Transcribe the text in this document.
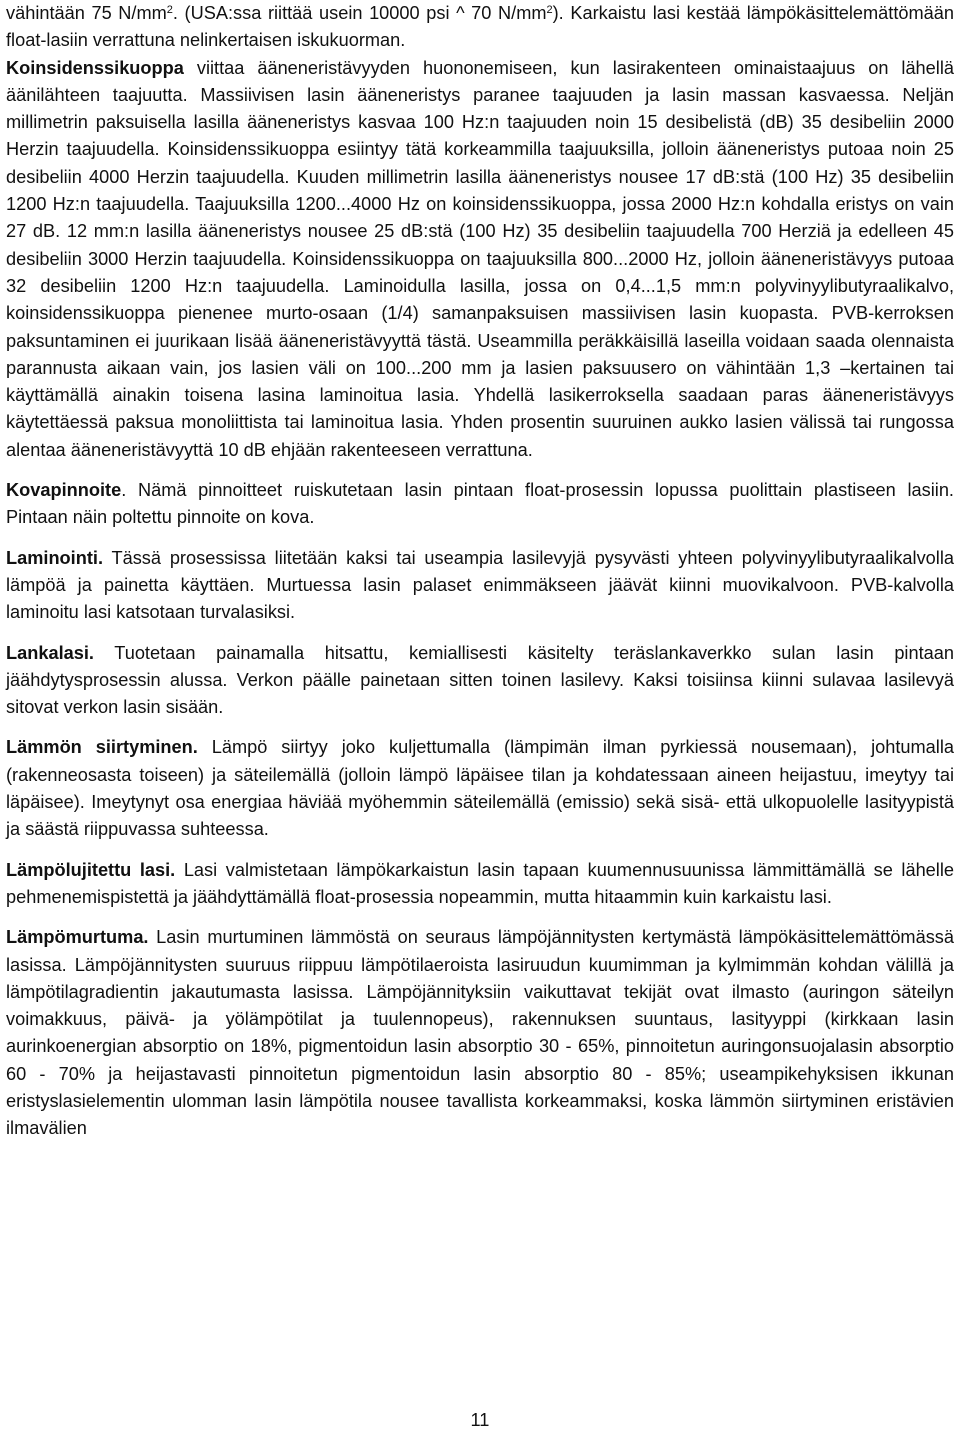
vähintään 75 $N/mm^2$. (USA:ssa riittää usein 10000 psi ^ 70 $N/mm^2$). Karkaistu lasi kestää lämpökäsittelemättömään float-lasiin verrattuna nelinkertaisen iskukuorman.

Koinsidenssikuoppa viittaa ääneneristävyyden huononemiseen, kun lasirakenteen ominaistaajuus on lähellä äänilähteen taajuutta. Massiivisen lasin ääneneristys paranee taajuuden ja lasin massan kasvaessa. Neljän millimetrin paksuisella lasilla ääneneristys kasvaa 100 Hz:n taajuuden noin 15 desibelistä (dB) 35 desibeliin 2000 Herzin taajuudella. Koinsidenssikuoppa esiintyy tätä korkeammilla taajuuksilla, jolloin ääneneristys putoaa noin 25 desibeliin 4000 Herzin taajuudella. Kuuden millimetrin lasilla ääneneristys nousee 17 dB:stä (100 Hz) 35 desibeliin 1200 Hz:n taajuudella. Taajuuksilla 1200...4000 Hz on koinsidenssikuoppa, jossa 2000 Hz:n kohdalla eristys on vain 27 dB. 12 mm:n lasilla ääneneristys nousee 25 dB:stä (100 Hz) 35 desibeliin taajuudella 700 Herziä ja edelleen 45 desibeliin 3000 Herzin taajuudella. Koinsidenssikuoppa on taajuuksilla 800...2000 Hz, jolloin ääneneristävyys putoaa 32 desibeliin 1200 Hz:n taajuudella. Laminoidulla lasilla, jossa on 0,4...1,5 mm:n polyvinyylibutyraalikalvo, koinsidenssikuoppa pienenee murto-osaan (1/4) samanpaksuisen massiivisen lasin kuopasta. PVB-kerroksen paksuntaminen ei juurikaan lisää ääneneristävyyttä tästä. Useammilla peräkkäisillä laseilla voidaan saada olennaista parannusta aikaan vain, jos lasien väli on 100...200 mm ja lasien paksuusero on vähintään 1,3 –kertainen tai käyttämällä ainakin toisena lasina laminoitua lasia. Yhdellä lasikerroksella saadaan paras ääneneristävyys käytettäessä paksua monoliittista tai laminoitua lasia. Yhden prosentin suuruinen aukko lasien välissä tai rungossa alentaa ääneneristävyyttä 10 dB ehjään rakenteeseen verrattuna.

Kovapinnoite. Nämä pinnoitteet ruiskutetaan lasin pintaan float-prosessin lopussa puolittain plastiseen lasiin. Pintaan näin poltettu pinnoite on kova.

Laminointi. Tässä prosessissa liitetään kaksi tai useampia lasilevyjä pysyvästi yhteen polyvinyylibutyraalikalvolla lämpöä ja painetta käyttäen. Murtuessa lasin palaset enimmäkseen jäävät kiinni muovikalvoon. PVB-kalvolla laminoitu lasi katsotaan turvalasiksi.

Lankalasi. Tuotetaan painamalla hitsattu, kemiallisesti käsitelty teräslankaverkko sulan lasin pintaan jäähdytysprosessin alussa. Verkon päälle painetaan sitten toinen lasilevy. Kaksi toisiinsa kiinni sulavaa lasilevyä sitovat verkon lasin sisään.

Lämmön siirtyminen. Lämpö siirtyy joko kuljettumalla (lämpimän ilman pyrkiessä nousemaan), johtumalla (rakenneosasta toiseen) ja säteilemällä (jolloin lämpö läpäisee tilan ja kohdatessaan aineen heijastuu, imeytyy tai läpäisee). Imeytynyt osa energiaa häviää myöhemmin säteilemällä (emissio) sekä sisä- että ulkopuolelle lasityypistä ja säästä riippuvassa suhteessa.

Lämpölujitettu lasi. Lasi valmistetaan lämpökarkaistun lasin tapaan kuumennusuunissa lämmittämällä se lähelle pehmenemispistettä ja jäähdyttämällä float-prosessia nopeammin, mutta hitaammin kuin karkaistu lasi.

Lämpömurtuma. Lasin murtuminen lämmöstä on seuraus lämpöjännitysten kertymästä lämpökäsittelemättömässä lasissa. Lämpöjännitysten suuruus riippuu lämpötilaeroista lasiruudun kuumimman ja kylmimmän kohdan välillä ja lämpötilagradientin jakautumasta lasissa. Lämpöjännityksiin vaikuttavat tekijät ovat ilmasto (auringon säteilyn voimakkuus, päivä- ja yölämpötilat ja tuulennopeus), rakennuksen suuntaus, lasityyppi (kirkkaan lasin aurinkoenergian absorptio on 18%, pigmentoidun lasin absorptio 30 - 65%, pinnoitetun auringonsuojalasin absorptio 60 - 70% ja heijastavasti pinnoitetun pigmentoidun lasin absorptio 80 - 85%; useampikehyksisen ikkunan eristyslasielementin ulomman lasin lämpötila nousee tavallista korkeammaksi, koska lämmön siirtyminen eristävien ilmavälien

11
